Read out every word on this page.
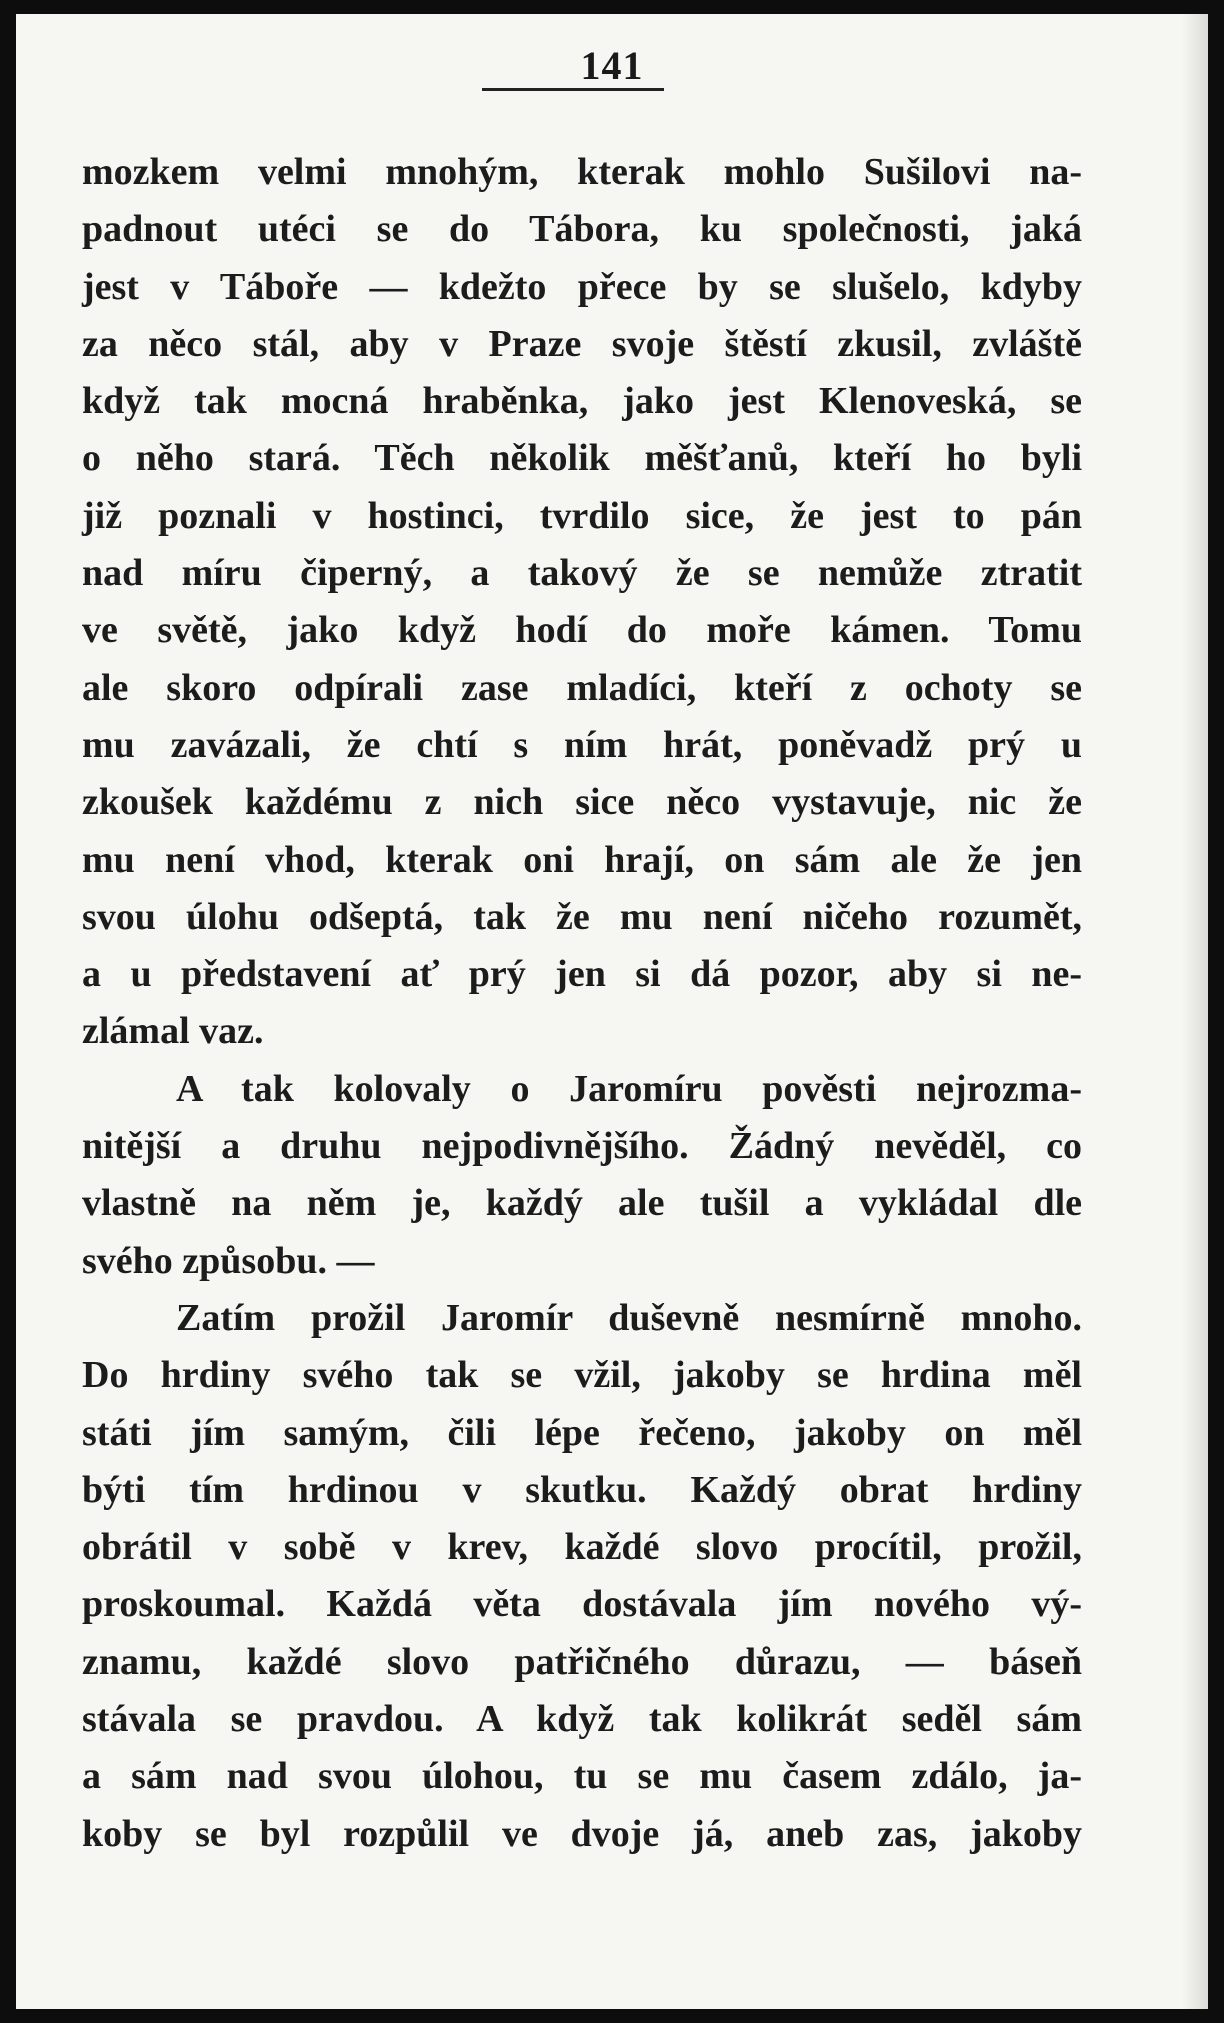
141
mozkem velmi mnohým, kterak mohlo Sušilovi na-
padnout utéci se do Tábora, ku společnosti, jaká
jest v Táboře — kdežto přece by se slušelo, kdyby
za něco stál, aby v Praze svoje štěstí zkusil, zvláště
když tak mocná hraběnka, jako jest Klenoveská, se
o něho stará. Těch několik měšťanů, kteří ho byli
již poznali v hostinci, tvrdilo sice, že jest to pán
nad míru čiperný, a takový že se nemůže ztratit
ve světě, jako když hodí do moře kámen. Tomu
ale skoro odpírali zase mladíci, kteří z ochoty se
mu zavázali, že chtí s ním hrát, poněvadž prý u
zkoušek každému z nich sice něco vystavuje, nic že
mu není vhod, kterak oni hrají, on sám ale že jen
svou úlohu odšeptá, tak že mu není ničeho rozumět,
a u představení ať prý jen si dá pozor, aby si ne-
zlámal vaz.
A tak kolovaly o Jaromíru pověsti nejrozma-
nitější a druhu nejpodivnějšího. Žádný nevěděl, co
vlastně na něm je, každý ale tušil a vykládal dle
svého způsobu. —
Zatím prožil Jaromír duševně nesmírně mnoho.
Do hrdiny svého tak se vžil, jakoby se hrdina měl
státi jím samým, čili lépe řečeno, jakoby on měl
býti tím hrdinou v skutku. Každý obrat hrdiny
obrátil v sobě v krev, každé slovo procítil, prožil,
proskoumal. Každá věta dostávala jím nového vý-
znamu, každé slovo patřičného důrazu, — báseň
stávala se pravdou. A když tak kolikrát seděl sám
a sám nad svou úlohou, tu se mu časem zdálo, ja-
koby se byl rozpůlil ve dvoje já, aneb zas, jakoby
